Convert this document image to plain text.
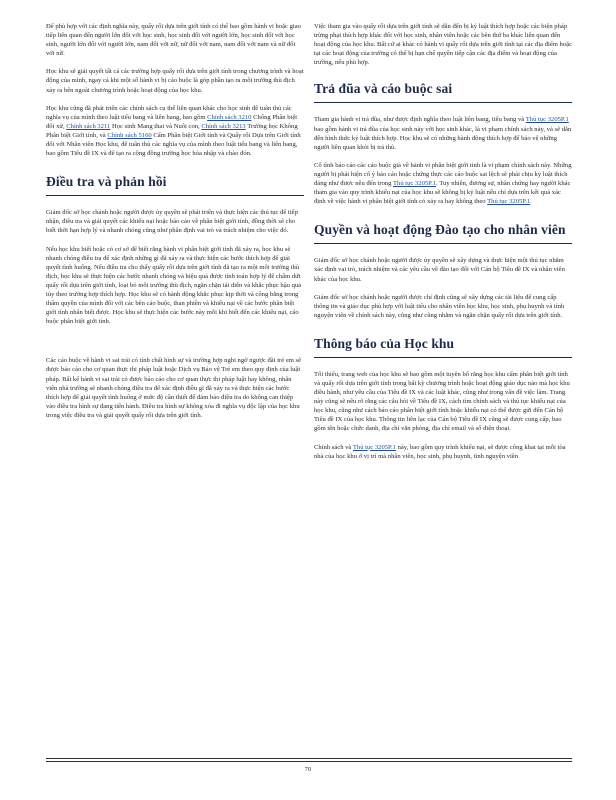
Để phù hợp với các định nghĩa này, quấy rối dựa trên giới tính có thể bao gồm hành vi hoặc giao tiếp liên quan đến người lớn đối với học sinh, học sinh đối với người lớn, học sinh đối với học sinh, người lớn đối với người lớn, nam đối với nữ, nữ đối với nam, nam đối với nam và nữ đối với nữ.

Học khu sẽ giải quyết tất cả các trường hợp quấy rối dựa trên giới tính trong chương trình và hoạt động của mình, ngay cả khi một số hành vi bị cáo buộc là góp phần tạo ra môi trường thù địch xảy ra bên ngoài chương trình hoặc hoạt động của học khu.

Học khu cũng đã phát triển các chính sách cụ thể liên quan khác cho học sinh để tuân thủ các nghĩa vụ của mình theo luật tiểu bang và liên bang, bao gồm Chính sách 3210 Chống Phân biệt đối xử, Chính sách 3211 Học sinh Mang thai và Nuôi con, Chính sách 3213 Trường học Không Phân biệt Giới tính, và Chính sách 5160 Cấm Phân biệt Giới tính và Quấy rối Dựa trên Giới tính đối với Nhân viên Học khu, để tuân thủ các nghĩa vụ của mình theo luật tiểu bang và liên bang, bao gồm Tiêu đề IX và để tạo ra cộng đồng trường học hòa nhập và chào đón.

Điều tra và phản hồi

Giám đốc sở học chánh hoặc người được ủy quyền sẽ phát triển và thực hiện các thủ tục để tiếp nhận, điều tra và giải quyết các khiếu nại hoặc báo cáo về phân biệt giới tính, đồng thời sẽ cho biết thời hạn hợp lý và nhanh chóng cũng như phân định vai trò và trách nhiệm cho việc đó.

Nếu học khu biết hoặc có cơ sở để biết rằng hành vi phân biệt giới tính đã xảy ra, học khu sẽ nhanh chóng điều tra để xác định những gì đã xảy ra và thực hiện các bước thích hợp để giải quyết tình huống. Nếu điều tra cho thấy quấy rối dựa trên giới tính đã tạo ra một môi trường thù địch, học khu sẽ thực hiện các bước nhanh chóng và hiệu quả được tính toán hợp lý để chấm dứt quấy rối dựa trên giới tính, loại bỏ môi trường thù địch, ngăn chặn tái diễn và khắc phục hậu quả tùy theo trường hợp thích hợp. Học khu sẽ có hành động khắc phục kịp thời và công bằng trong thẩm quyền của mình đối với các bên cáo buộc, than phiền và khiếu nại về các bước phân biệt giới tính nhân biết được. Học khu sẽ thực hiện các bước này mỗi khi biết đến các khiếu nại, cáo buộc phân biệt giới tính.

Các cáo buộc về hành vi sai trái có tính chất hình sự và trường hợp nghi ngờ ngược đãi trẻ em sẽ được báo cáo cho cơ quan thực thi pháp luật hoặc Dịch vụ Bảo vệ Trẻ em theo quy định của luật pháp. Bất kể hành vi sai trái có được báo cáo cho cơ quan thực thi pháp luật hay không, nhân viên nhà trường sẽ nhanh chóng điều tra để xác định điều gì đã xảy ra và thực hiện các bước thích hợp để giải quyết tình huống ở mức độ cần thiết để đảm bảo điều tra do không can thiệp vào điều tra hình sự đang tiến hành. Điều tra hình sự không xóa đi nghĩa vụ độc lập của học khu trong việc điều tra và giải quyết quấy rối dựa trên giới tính.

Việc tham gia vào quấy rối dựa trên giới tính sẽ dẫn đến bị kỷ luật thích hợp hoặc các biện pháp trừng phạt thích hợp khác đối với học sinh, nhân viên hoặc các bên thứ ba khác liên quan đến hoạt động của học khu. Bất cứ ai khác có hành vi quấy rối dựa trên giới tính tại các địa điểm hoặc tại các hoạt động của trường có thể bị hạn chế quyền tiếp cận các địa điểm và hoạt động của trường, nếu phù hợp.

Trả đũa và cáo buộc sai

Tham gia hành vi trả đũa, như được định nghĩa theo luật liên bang, tiểu bang và Thủ tục 3205P.1 bao gồm hành vi trả đũa của học sinh này với học sinh khác, là vi phạm chính sách này, và sẽ dẫn đến hình thức kỷ luật thích hợp. Học khu sẽ có những hành động thích hợp để bảo vệ những người liên quan khỏi bị trả thù.

Cố tình báo cáo các cáo buộc giả về hành vi phân biệt giới tính là vi phạm chính sách này. Những người bị phát hiện cố ý báo cáo hoặc chứng thực các cáo buộc sai lệch sẽ phải chịu kỷ luật thích đáng như được nêu đến trong Thủ tục 3205P.1. Tuy nhiên, đương sự, nhân chứng hay người khác tham gia vào quy trình khiếu nại của học khu sẽ không bị kỷ luật nếu chỉ dựa trên kết quả xác định về việc hành vi phân biệt giới tính có xảy ra hay không theo Thủ tục 3205P.1.

Quyền và hoạt động Đào tạo cho nhân viên

Giám đốc sở học chánh hoặc người được ủy quyền sẽ xây dựng và thực hiện một thủ tục nhằm xác định vai trò, trách nhiệm và các yêu cầu về đào tạo đối với Cán bộ Tiêu đề IX và nhân viên khác của học khu.

Giám đốc sở học chánh hoặc người được chỉ định cũng sẽ xây dựng các tài liệu để cung cấp thông tin và giáo dục phù hợp với luật tiểu cho nhân viên học khu, học sinh, phụ huynh và tình nguyện viên về chính sách này, cũng như cũng nhằm và ngăn chặn quấy rối dựa trên giới tính.

Thông báo của Học khu

Tối thiểu, trang web của học khu sẽ bao gồm một tuyên bố rằng học khu cấm phân biệt giới tính và quấy rối dựa trên giới tính trong bất kỳ chương trình hoặc hoạt động giáo dục nào mà học khu điều hành, như yêu cầu của Tiêu đề IX và các luật khác, cũng như trong vấn đề việc làm. Trang này cũng sẽ nêu rõ rằng các câu hỏi về Tiêu đề IX, cách tìm chính sách và thủ tục khiếu nại của học khu, cũng như cách báo cáo phân biệt giới tính hoặc khiếu nại có thể được gửi đến Cán bộ Tiêu đề IX của học khu. Thông tin liên lạc của Cán bộ Tiêu đề IX cũng sẽ được cung cấp, bao gồm tên hoặc chức danh, địa chỉ văn phòng, địa chỉ email và số điện thoại.

Chính sách và Thủ tục 3205P.1 này, bao gồm quy trình khiếu nại, sẽ được công khai tại mỗi tòa nhà của học khu ở vị trí mà nhân viên, học sinh, phụ huynh, tình nguyện viên

70
